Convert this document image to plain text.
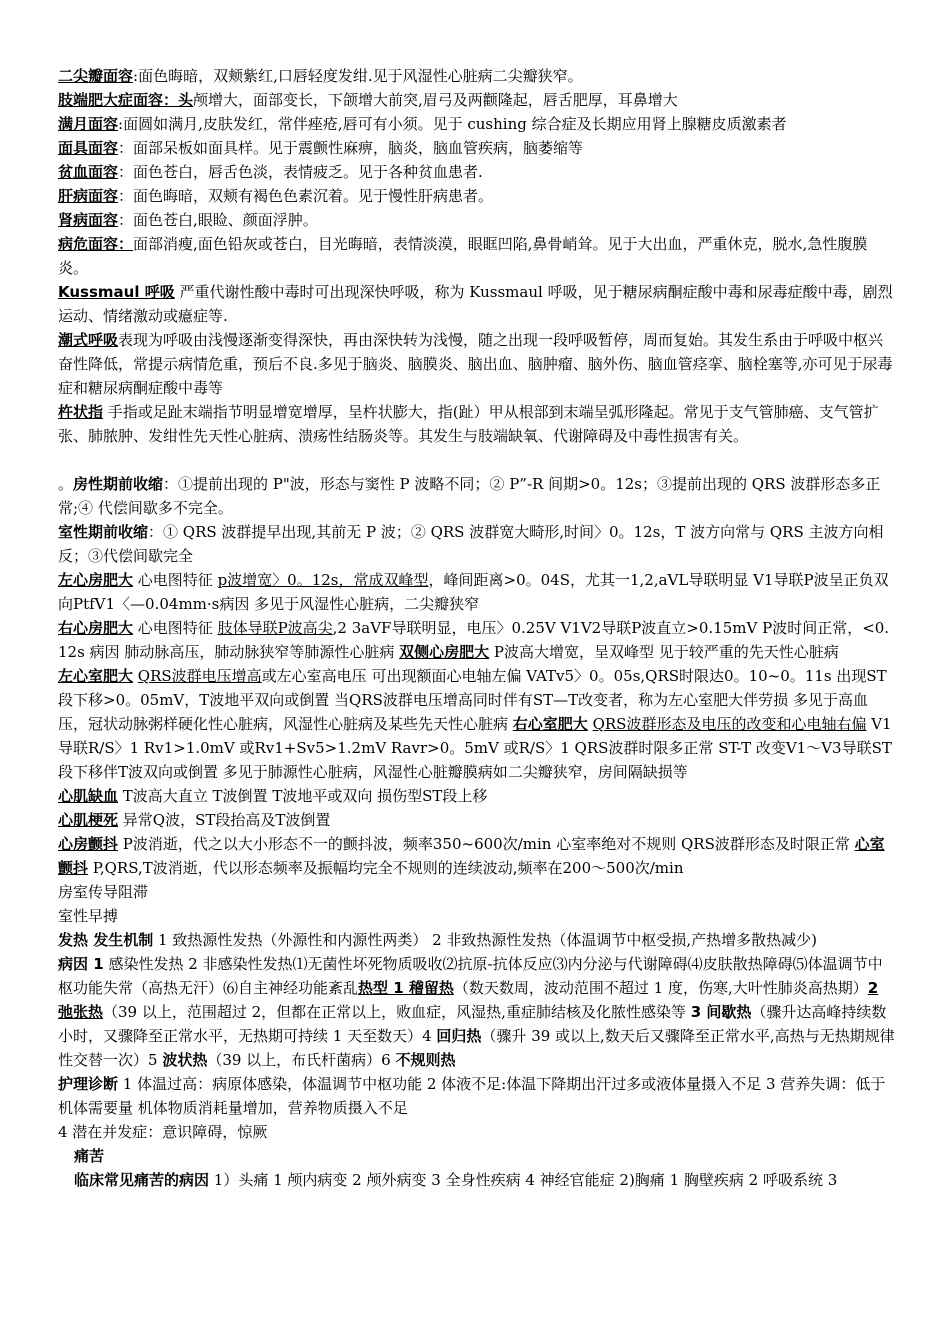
二尖瓣面容:面色晦暗，双颊紫红,口唇轻度发绀.见于风湿性心脏病二尖瓣狭窄。

肢端肥大症面容：头颅增大，面部变长，下颌增大前突,眉弓及两颧隆起，唇舌肥厚，耳鼻增大

满月面容:面圆如满月,皮肤发红，常伴痤疮,唇可有小须。见于 cushing 综合症及长期应用肾上腺糖皮质激素者

面具面容：面部呆板如面具样。见于震颤性麻痹，脑炎，脑血管疾病，脑萎缩等

贫血面容：面色苍白，唇舌色淡，表情疲乏。见于各种贫血患者.

肝病面容：面色晦暗，双颊有褐色色素沉着。见于慢性肝病患者。

肾病面容：面色苍白,眼睑、颜面浮肿。

病危面容：面部消瘦,面色铅灰或苍白，目光晦暗，表情淡漠，眼眶凹陷,鼻骨峭耸。见于大出血，严重休克，脱水,急性腹膜炎。

Kussmaul 呼吸 严重代谢性酸中毒时可出现深快呼吸，称为 Kussmaul 呼吸，见于糖尿病酮症酸中毒和尿毒症酸中毒，剧烈运动、情绪激动或癔症等.

潮式呼吸表现为呼吸由浅慢逐渐变得深快，再由深快转为浅慢，随之出现一段呼吸暂停，周而复始。其发生系由于呼吸中枢兴奋性降低，常提示病情危重，预后不良.多见于脑炎、脑膜炎、脑出血、脑肿瘤、脑外伤、脑血管痉挛、脑栓塞等,亦可见于尿毒症和糖尿病酮症酸中毒等

杵状指 手指或足趾末端指节明显增宽增厚，呈杵状膨大，指(趾）甲从根部到末端呈弧形隆起。常见于支气管肺癌、支气管扩张、肺脓肿、发绀性先天性心脏病、溃疡性结肠炎等。其发生与肢端缺氧、代谢障碍及中毒性损害有关。

。房性期前收缩：①提前出现的 P"波，形态与窦性 P 波略不同；② P”-R 间期>0。12s；③提前出现的 QRS 波群形态多正常;④ 代偿间歇多不完全。

室性期前收缩：① QRS 波群提早出现,其前无 P 波；② QRS 波群宽大畸形,时间〉0。12s，T 波方向常与 QRS 主波方向相反；③代偿间歇完全

左心房肥大 心电图特征 p波增宽〉0。12s，常成双峰型，峰间距离>0。04S，尤其一1,2,aVL导联明显 V1导联P波呈正负双向PtfV1〈—0.04mm·s病因 多见于风湿性心脏病，二尖瓣狭窄

右心房肥大 心电图特征 肢体导联P波高尖,2 3aVF导联明显，电压〉0.25V V1V2导联P波直立>0.15mV P波时间正常，<0.12s 病因 肺动脉高压，肺动脉狭窄等肺源性心脏病 双侧心房肥大 P波高大增宽，呈双峰型 见于较严重的先天性心脏病

左心室肥大 QRS波群电压增高或左心室高电压 可出现额面心电轴左偏 VATv5〉0。05s,QRS时限达0。10~0。11s 出现ST段下移>0。05mV，T波地平双向或倒置 当QRS波群电压增高同时伴有ST—T改变者，称为左心室肥大伴劳损 多见于高血压，冠状动脉粥样硬化性心脏病，风湿性心脏病及某些先天性心脏病 右心室肥大 QRS波群形态及电压的改变和心电轴右偏 V1导联R/S〉1 Rv1>1.0mV 或Rv1+Sv5>1.2mV Ravr>0。5mV 或R/S〉1 QRS波群时限多正常 ST-T 改变V1～V3导联ST段下移伴T波双向或倒置 多见于肺源性心脏病，风湿性心脏瓣膜病如二尖瓣狭窄，房间隔缺损等

心肌缺血 T波高大直立 T波倒置 T波地平或双向 损伤型ST段上移

心肌梗死 异常Q波，ST段抬高及T波倒置

心房颤抖 P波消逝，代之以大小形态不一的颤抖波，频率350~600次/min 心室率绝对不规则 QRS波群形态及时限正常 心室颤抖 P,QRS,T波消逝，代以形态频率及振幅均完全不规则的连续波动,频率在200～500次/min

房室传导阻滞

室性早搏

发热 发生机制 1 致热源性发热（外源性和内源性两类） 2 非致热源性发热（体温调节中枢受损,产热增多散热减少)

病因 1 感染性发热 2 非感染性发热⑴无菌性坏死物质吸收⑵抗原-抗体反应⑶内分泌与代谢障碍⑷皮肤散热障碍⑸体温调节中枢功能失常（高热无汗）⑹自主神经功能紊乱热型 1 稽留热（数天数周，波动范围不超过 1 度，伤寒,大叶性肺炎高热期）2 弛张热（39 以上，范围超过 2，但都在正常以上，败血症，风湿热,重症肺结核及化脓性感染等 3 间歇热（骤升达高峰持续数小时，又骤降至正常水平，无热期可持续 1 天至数天）4 回归热（骤升 39 或以上,数天后又骤降至正常水平,高热与无热期规律性交替一次）5 波状热（39 以上，布氏杆菌病）6 不规则热

护理诊断 1 体温过高：病原体感染，体温调节中枢功能 2 体液不足:体温下降期出汗过多或液体量摄入不足 3 营养失调：低于机体需要量 机体物质消耗量增加，营养物质摄入不足

4 潜在并发症：意识障碍，惊厥

痛苦

临床常见痛苦的病因 1）头痛 1 颅内病变 2 颅外病变 3 全身性疾病 4 神经官能症 2)胸痛 1 胸壁疾病 2 呼吸系统 3
